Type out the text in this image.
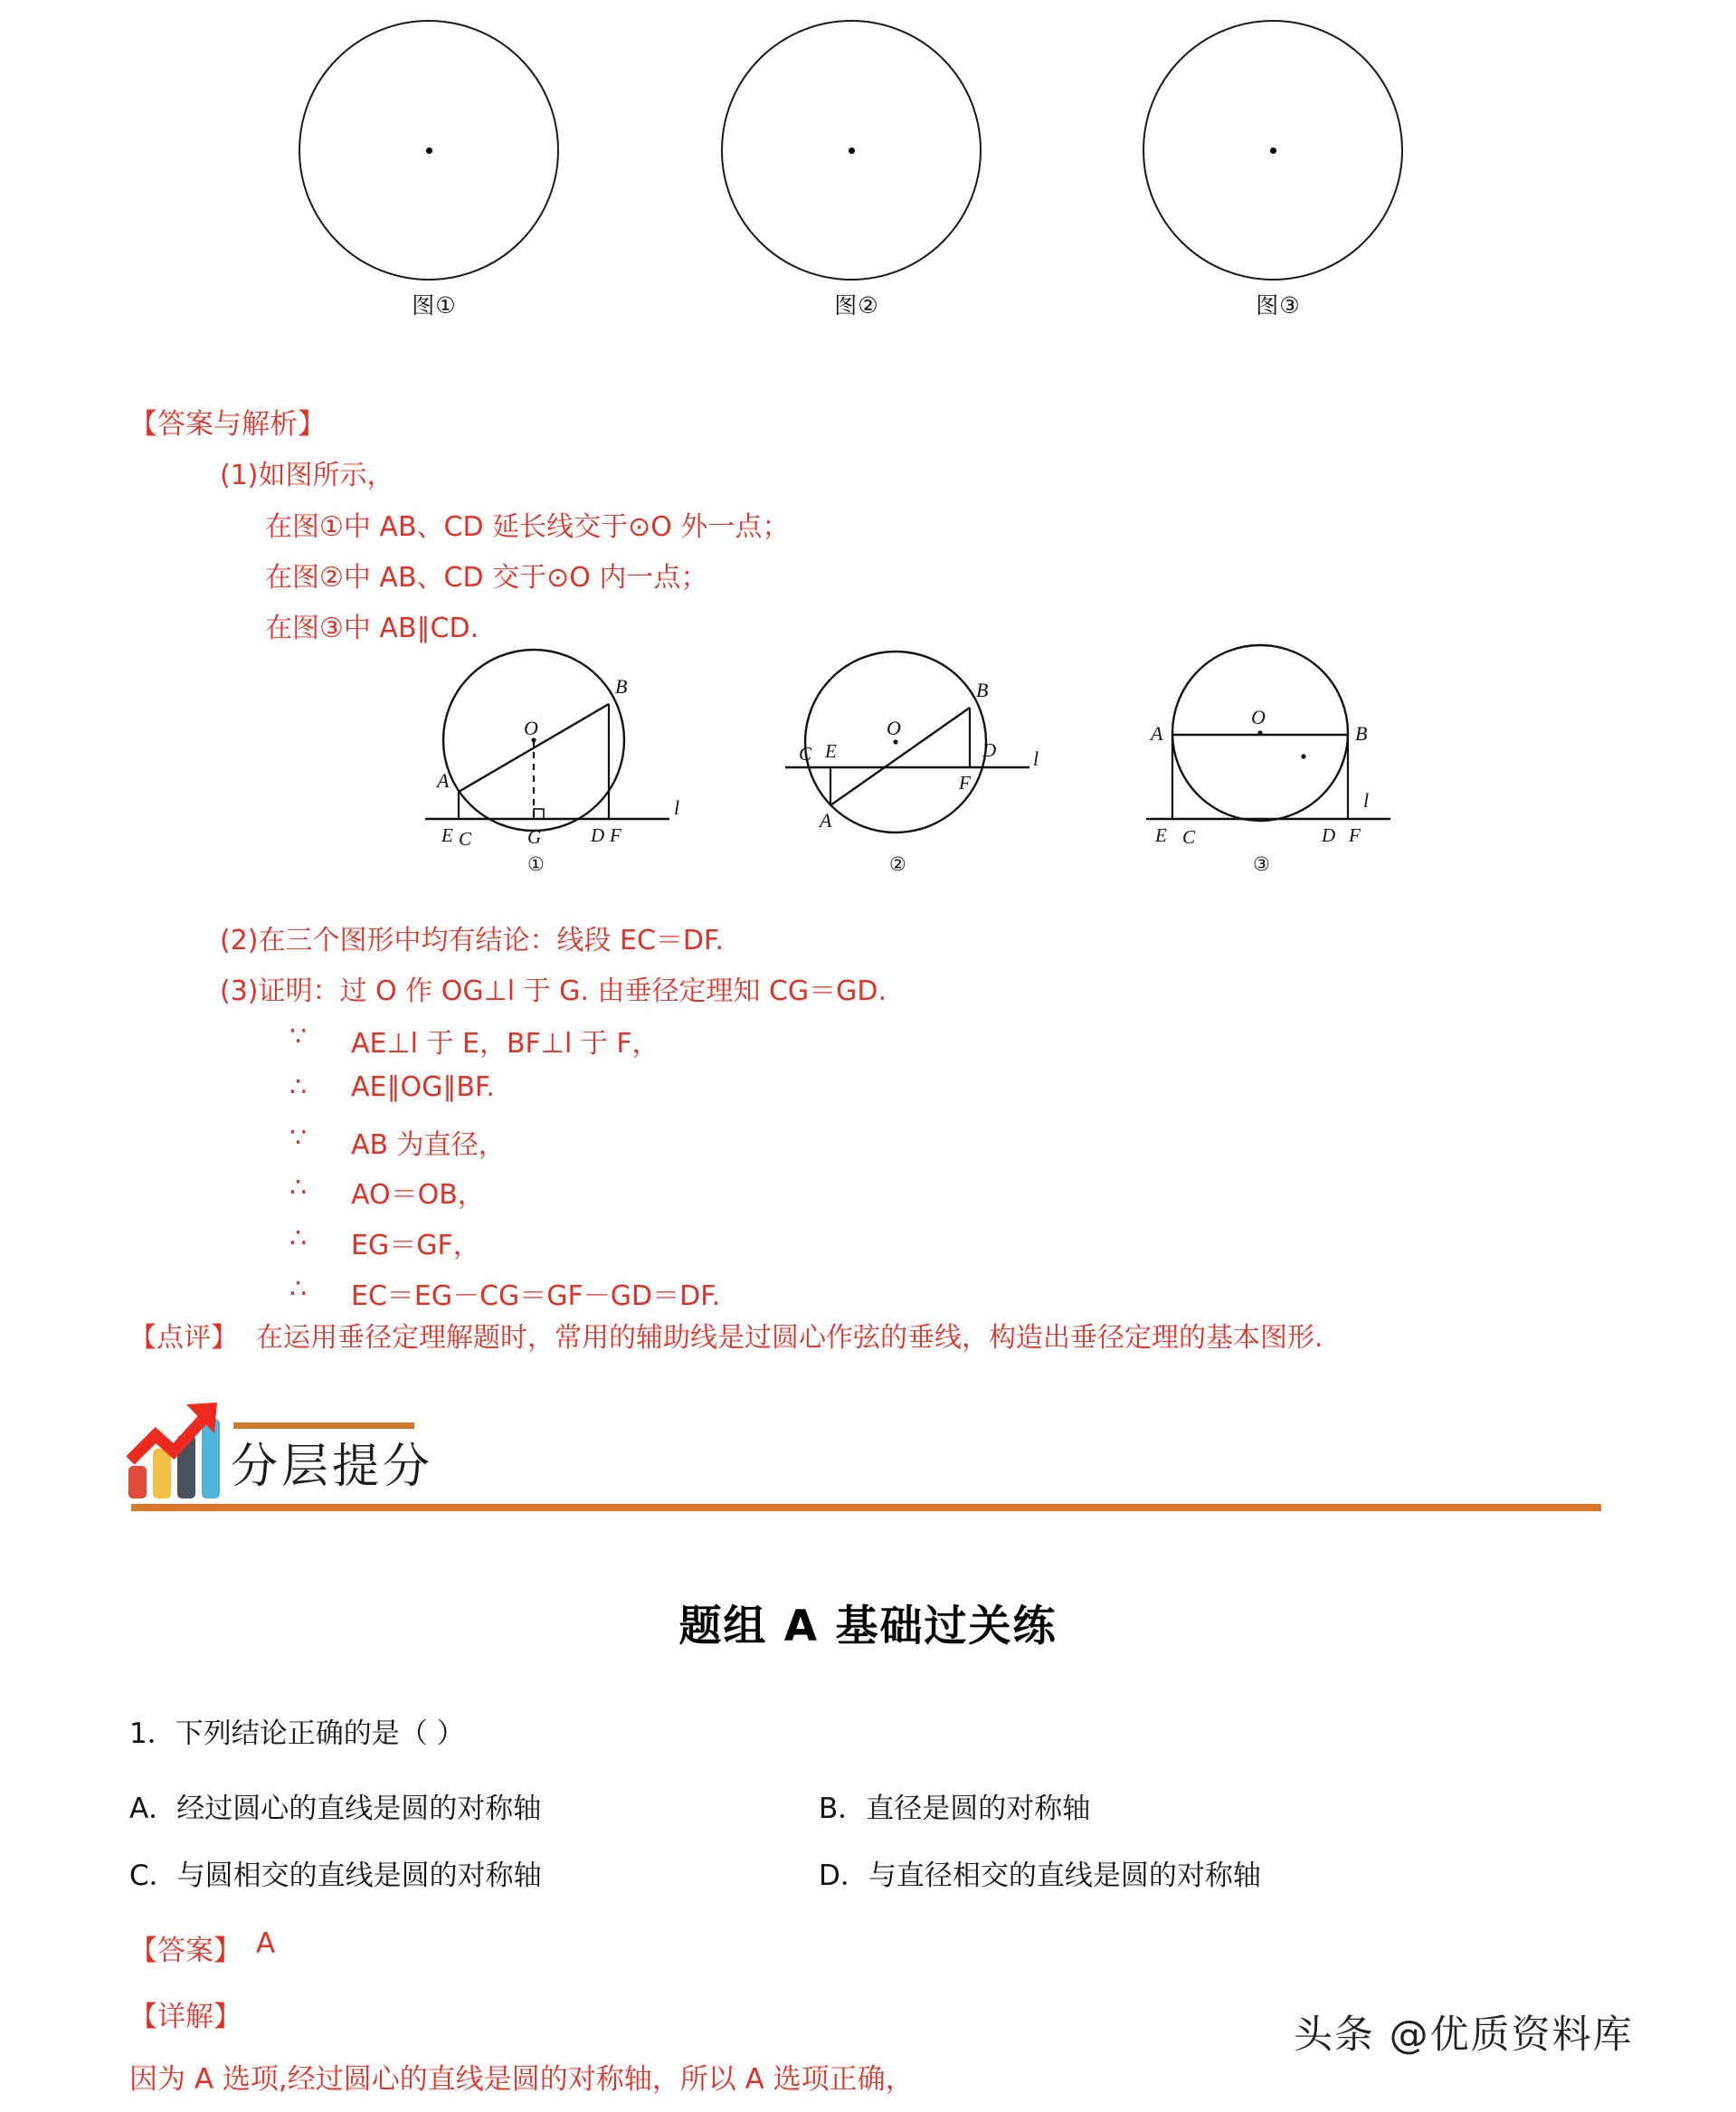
图①	图②	图③
【答案与解析】
(1)如图所示，
在图①中 AB、CD 延长线交于⊙O 外一点；
在图②中 AB、CD 交于⊙O 内一点；
在图③中 AB∥CD.
O
A
B
E C	G	D F
l
①
O
A
B
C E	D
F
l
②
O
A	B
E C	D F
l
③
(2)在三个图形中均有结论：线段 EC＝DF.
(3)证明：过 O 作 OG⊥l 于 G. 由垂径定理知 CG＝GD.
∵ AE⊥l 于 E，BF⊥l 于 F，
∴ AE∥OG∥BF.
∵ AB 为直径，
∴ AO＝OB，
∴ EG＝GF，
∴ EC＝EG－CG＝GF－GD＝DF.
【点评】 在运用垂径定理解题时，常用的辅助线是过圆心作弦的垂线，构造出垂径定理的基本图形.
分层提分
题组 A 基础过关练
1．下列结论正确的是（ ）
A．经过圆心的直线是圆的对称轴	B．直径是圆的对称轴
C．与圆相交的直线是圆的对称轴	D．与直径相交的直线是圆的对称轴
【答案】 A
【详解】
因为 A 选项,经过圆心的直线是圆的对称轴，所以 A 选项正确，
头条 @优质资料库
